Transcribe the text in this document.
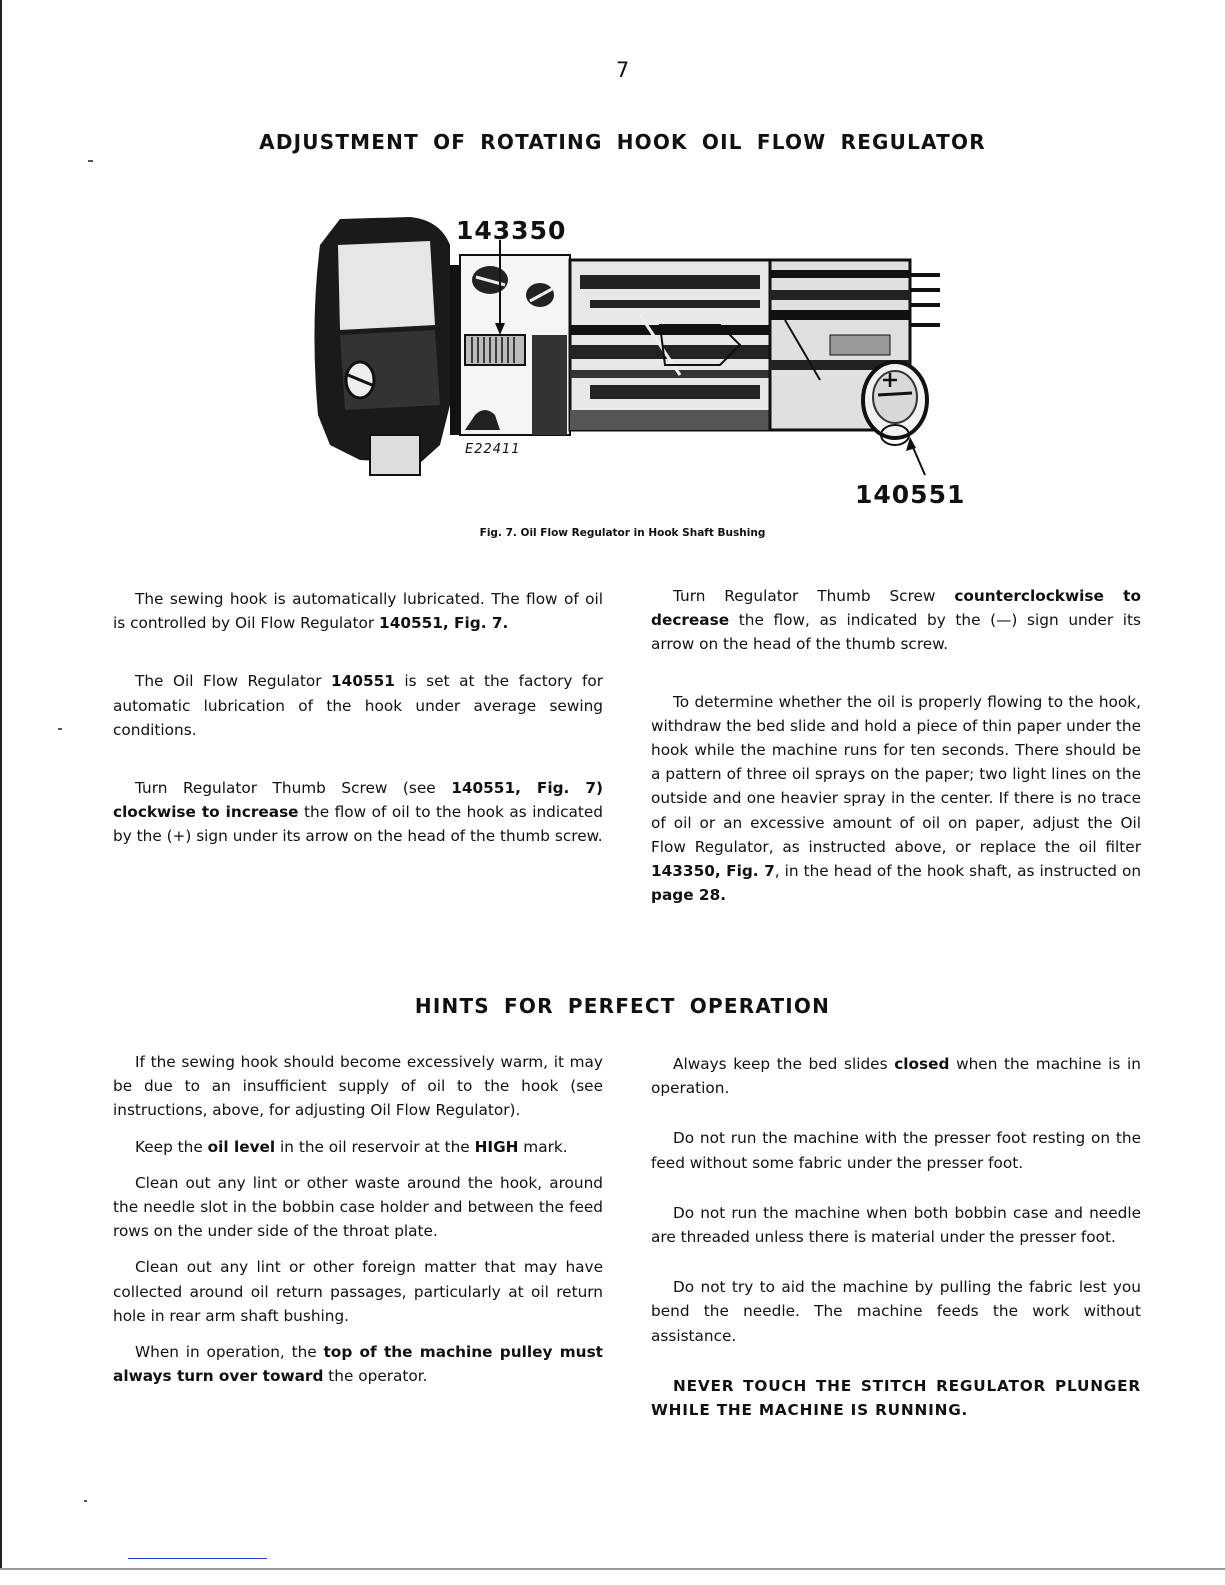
7
ADJUSTMENT OF ROTATING HOOK OIL FLOW REGULATOR
143350
140551
E22411
Fig. 7. Oil Flow Regulator in Hook Shaft Bushing

The sewing hook is automatically lubricated. The flow of oil is controlled by Oil Flow Regulator 140551, Fig. 7.

The Oil Flow Regulator 140551 is set at the factory for automatic lubrication of the hook under average sewing conditions.

Turn Regulator Thumb Screw (see 140551, Fig. 7) clockwise to increase the flow of oil to the hook as indicated by the (+) sign under its arrow on the head of the thumb screw.

Turn Regulator Thumb Screw counterclockwise to decrease the flow, as indicated by the (—) sign under its arrow on the head of the thumb screw.

To determine whether the oil is properly flowing to the hook, withdraw the bed slide and hold a piece of thin paper under the hook while the machine runs for ten seconds. There should be a pattern of three oil sprays on the paper; two light lines on the outside and one heavier spray in the center. If there is no trace of oil or an excessive amount of oil on paper, adjust the Oil Flow Regulator, as instructed above, or replace the oil filter 143350, Fig. 7, in the head of the hook shaft, as instructed on page 28.

HINTS FOR PERFECT OPERATION

If the sewing hook should become excessively warm, it may be due to an insufficient supply of oil to the hook (see instructions, above, for adjusting Oil Flow Regulator).

Keep the oil level in the oil reservoir at the HIGH mark.

Clean out any lint or other waste around the hook, around the needle slot in the bobbin case holder and between the feed rows on the under side of the throat plate.

Clean out any lint or other foreign matter that may have collected around oil return passages, particularly at oil return hole in rear arm shaft bushing.

When in operation, the top of the machine pulley must always turn over toward the operator.

Always keep the bed slides closed when the machine is in operation.

Do not run the machine with the presser foot resting on the feed without some fabric under the presser foot.

Do not run the machine when both bobbin case and needle are threaded unless there is material under the presser foot.

Do not try to aid the machine by pulling the fabric lest you bend the needle. The machine feeds the work without assistance.

NEVER TOUCH THE STITCH REGULATOR PLUNGER WHILE THE MACHINE IS RUNNING.
